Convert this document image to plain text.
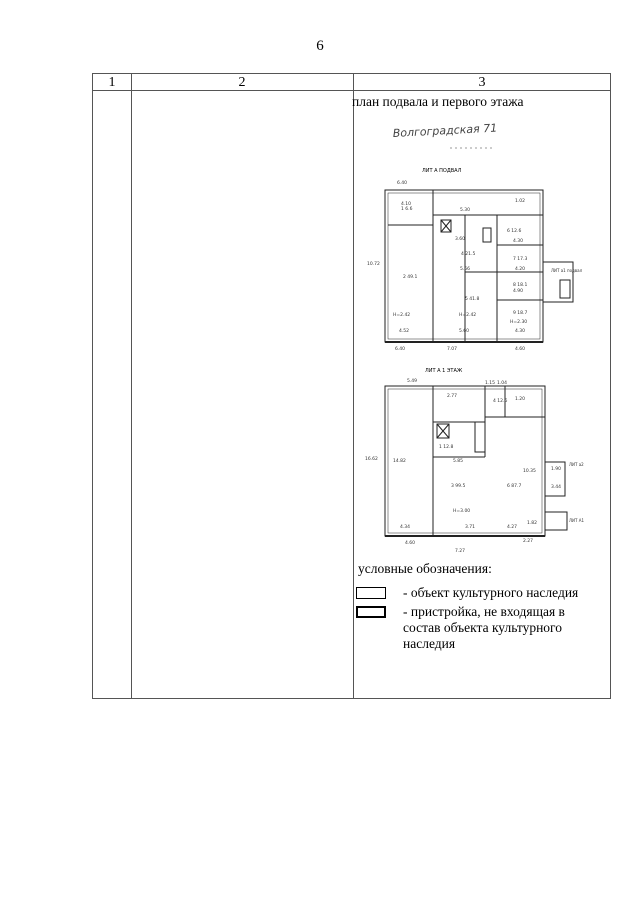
6
1	2	3
план подвала и первого этажа
Волгоградская 71
ЛИТ А ПОДВАЛ
6.40
4.10
5.30
1.02
10.72
3.60
5.66
4.30
4.20
4.90
4.52	5.60	4.30
7.07	4.60
6.40
1 6.6
2 49.1
4 21.5
5 41.8
6 12.6
7 17.3
8 18.1
9 18.7
H=2.42	H=2.42
H=2.30
ЛИТ а1 подвал
ЛИТ А 1 ЭТАЖ
5.49	1.15 1.04
2.77
1.20
16.62	14.82
10.35
4.34
4.60
7.27
3.71	4.27
1.82
2.27
5.85
1.90
3.44
1 12.8
3 99.5
4 12.6
6 87.7
H=3.00
ЛИТ а2
ЛИТ А1
условные обозначения:
- объект культурного наследия
- пристройка, не входящая в состав объекта культурного наследия
